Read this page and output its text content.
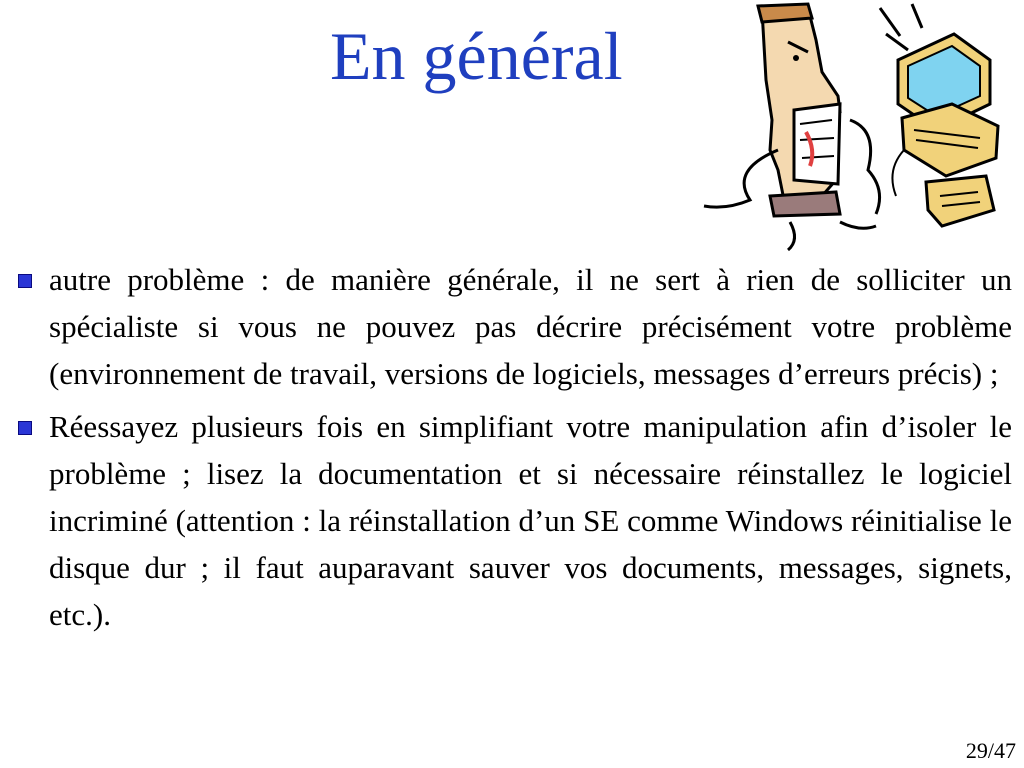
En général
autre problème : de manière générale, il ne sert à rien de solliciter un spécialiste si vous ne pouvez pas décrire précisément votre problème (environnement de travail, versions de logiciels, messages d’erreurs précis) ;
Réessayez plusieurs fois en simplifiant votre manipulation afin d’isoler le problème ; lisez la documentation et si nécessaire réinstallez le logiciel incriminé (attention : la réinstallation d’un SE comme Windows réinitialise le disque dur ; il faut auparavant sauver vos documents, messages, signets, etc.).
29/47
